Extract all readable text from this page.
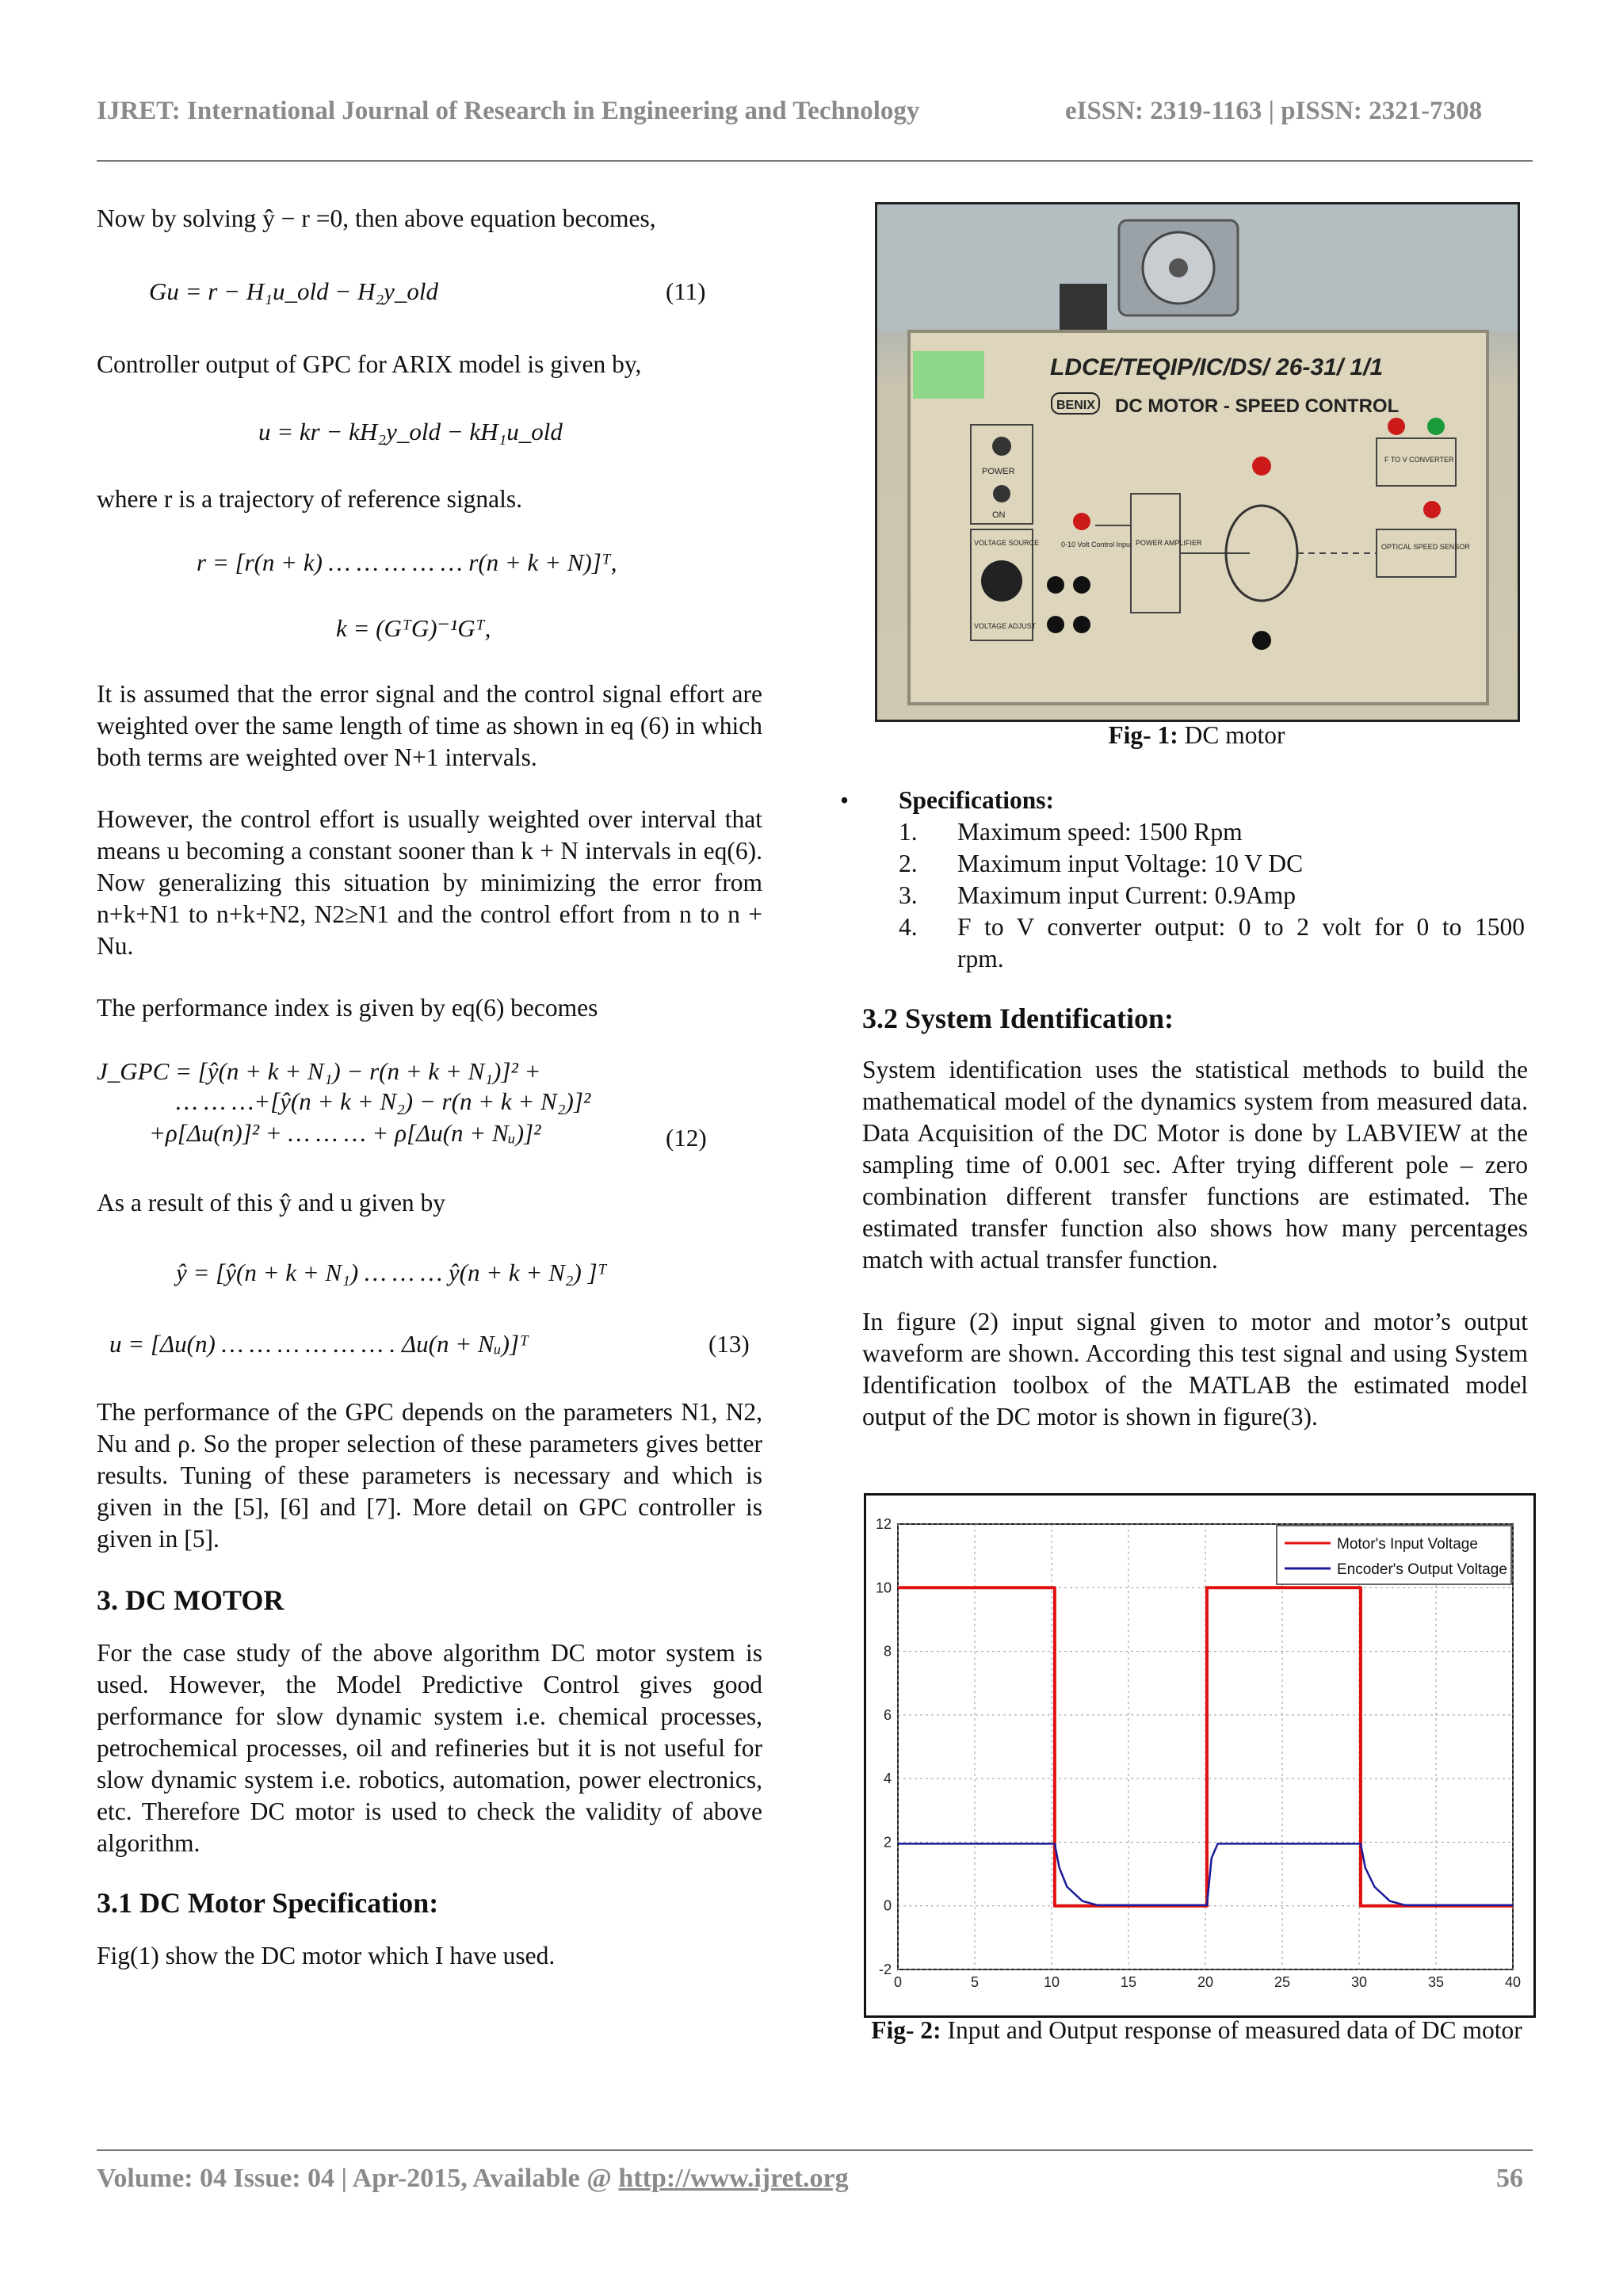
IJRET: International Journal of Research in Engineering and Technology	eISSN: 2319-1163 | pISSN: 2321-7308

Now by solving ŷ − r =0, then above equation becomes,

Gu = r − H₁u_old − H₂y_old	(11)

Controller output of GPC for ARIX model is given by,

u = kr − kH₂y_old − kH₁u_old

where r is a trajectory of reference signals.

r = [r(n + k) … … … … … r(n + k + N)]ᵀ,
k = (GᵀG)⁻¹Gᵀ,

It is assumed that the error signal and the control signal effort are weighted over the same length of time as shown in eq (6) in which both terms are weighted over N+1 intervals.

However, the control effort is usually weighted over interval that means u becoming a constant sooner than k + N intervals in eq(6). Now generalizing this situation by minimizing the error from n+k+N1 to n+k+N2, N2≥N1 and the control effort from n to n + Nu.

The performance index is given by eq(6) becomes

J_GPC = [ŷ(n + k + N₁) − r(n + k + N₁)]² +
… … …+[ŷ(n + k + N₂) − r(n + k + N₂)]²
+ρ[Δu(n)]² + … … … + ρ[Δu(n + Nᵤ)]²	(12)

As a result of this ŷ and u given by

ŷ = [ŷ(n + k + N₁) … … … ŷ(n + k + N₂) ]ᵀ
u = [Δu(n) … … … … … … . Δu(n + Nᵤ)]ᵀ	(13)

The performance of the GPC depends on the parameters N1, N2, Nu and ρ. So the proper selection of these parameters gives better results. Tuning of these parameters is necessary and which is given in the [5], [6] and [7]. More detail on GPC controller is given in [5].

3. DC MOTOR

For the case study of the above algorithm DC motor system is used. However, the Model Predictive Control gives good performance for slow dynamic system i.e. chemical processes, petrochemical processes, oil and refineries but it is not useful for slow dynamic system i.e. robotics, automation, power electronics, etc. Therefore DC motor is used to check the validity of above algorithm.

3.1 DC Motor Specification:

Fig(1) show the DC motor which I have used.

LDCE/TEQIP/IC/DS/ 26-31/ 1/1
BENIX DC MOTOR - SPEED CONTROL
POWER
ON
VOLTAGE SOURCE
VOLTAGE ADJUST
0-10 Volt Control Input POWER AMPLIFIER
F TO V CONVERTER
OPTICAL SPEED SENSOR
Fig- 1: DC motor
• Specifications:
1. Maximum speed: 1500 Rpm
2. Maximum input Voltage: 10 V DC
3. Maximum input Current: 0.9Amp
4. F to V converter output: 0 to 2 volt for 0 to 1500
rpm.
3.2 System Identification:

System identification uses the statistical methods to build the mathematical model of the dynamics system from measured data. Data Acquisition of the DC Motor is done by LABVIEW at the sampling time of 0.001 sec. After trying different pole – zero combination different transfer functions are estimated. The estimated transfer function also shows how many percentages match with actual transfer function.

In figure (2) input signal given to motor and motor’s output waveform are shown. According this test signal and using System Identification toolbox of the MATLAB the estimated model output of the DC motor is shown in figure(3).

0	5	10	15	20	25	30	35	40
12
10
8
6
4
2
0
-2
Motor's Input Voltage
Encoder's Output Voltage
Fig- 2: Input and Output response of measured data of DC motor
Volume: 04 Issue: 04 | Apr-2015, Available @ http://www.ijret.org	56
